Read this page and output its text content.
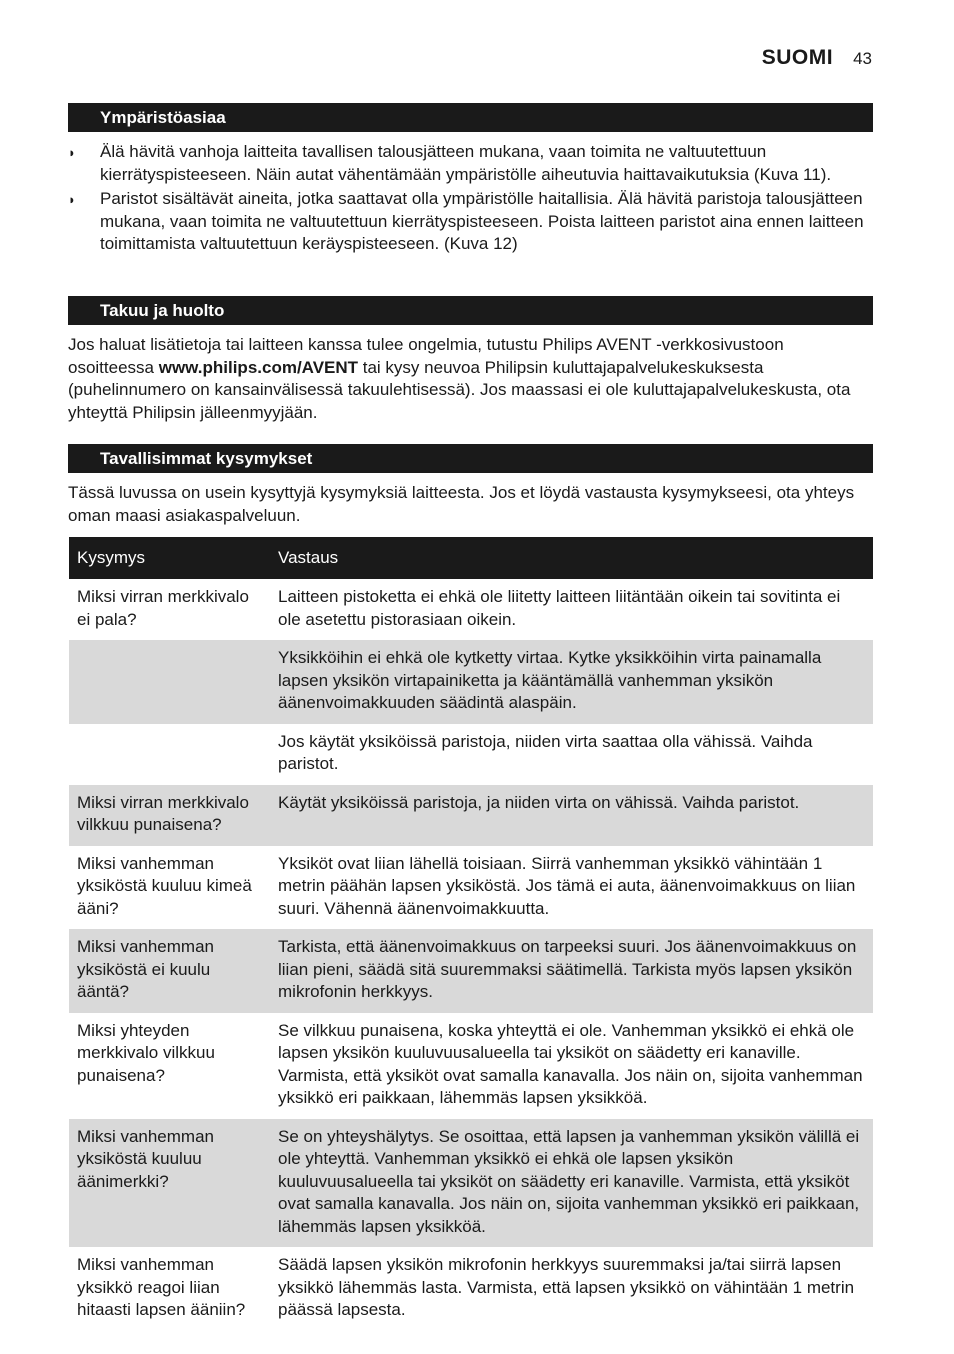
SUOMI 43
Ympäristöasiaa
◗	Älä hävitä vanhoja laitteita tavallisen talousjätteen mukana, vaan toimita ne valtuutettuun kierrätyspisteeseen. Näin autat vähentämään ympäristölle aiheutuvia haittavaikutuksia (Kuva 11).
◗	Paristot sisältävät aineita, jotka saattavat olla ympäristölle haitallisia. Älä hävitä paristoja talousjätteen mukana, vaan toimita ne valtuutettuun kierrätyspisteeseen. Poista laitteen paristot aina ennen laitteen toimittamista valtuutettuun keräyspisteeseen. (Kuva 12)
Takuu ja huolto
Jos haluat lisätietoja tai laitteen kanssa tulee ongelmia, tutustu Philips AVENT -verkkosivustoon osoitteessa www.philips.com/AVENT tai kysy neuvoa Philipsin kuluttajapalvelukeskuksesta (puhelinnumero on kansainvälisessä takuulehtisessä). Jos maassasi ei ole kuluttajapalvelukeskusta, ota yhteyttä Philipsin jälleenmyyjään.
Tavallisimmat kysymykset
Tässä luvussa on usein kysyttyjä kysymyksiä laitteesta. Jos et löydä vastausta kysymykseesi, ota yhteys oman maasi asiakaspalveluun.
Kysymys	Vastaus
Miksi virran merkkivalo ei pala?	Laitteen pistoketta ei ehkä ole liitetty laitteen liitäntään oikein tai sovitinta ei ole asetettu pistorasiaan oikein.
	Yksikköihin ei ehkä ole kytketty virtaa. Kytke yksikköihin virta painamalla lapsen yksikön virtapainiketta ja kääntämällä vanhemman yksikön äänenvoimakkuuden säädintä alaspäin.
	Jos käytät yksiköissä paristoja, niiden virta saattaa olla vähissä. Vaihda paristot.
Miksi virran merkkivalo vilkkuu punaisena?	Käytät yksiköissä paristoja, ja niiden virta on vähissä. Vaihda paristot.
Miksi vanhemman yksiköstä kuuluu kimeä ääni?	Yksiköt ovat liian lähellä toisiaan. Siirrä vanhemman yksikkö vähintään 1 metrin päähän lapsen yksiköstä. Jos tämä ei auta, äänenvoimakkuus on liian suuri. Vähennä äänenvoimakkuutta.
Miksi vanhemman yksiköstä ei kuulu ääntä?	Tarkista, että äänenvoimakkuus on tarpeeksi suuri. Jos äänenvoimakkuus on liian pieni, säädä sitä suuremmaksi säätimellä. Tarkista myös lapsen yksikön mikrofonin herkkyys.
Miksi yhteyden merkkivalo vilkkuu punaisena?	Se vilkkuu punaisena, koska yhteyttä ei ole. Vanhemman yksikkö ei ehkä ole lapsen yksikön kuuluvuusalueella tai yksiköt on säädetty eri kanaville. Varmista, että yksiköt ovat samalla kanavalla. Jos näin on, sijoita vanhemman yksikkö eri paikkaan, lähemmäs lapsen yksikköä.
Miksi vanhemman yksiköstä kuuluu äänimerkki?	Se on yhteyshälytys. Se osoittaa, että lapsen ja vanhemman yksikön välillä ei ole yhteyttä. Vanhemman yksikkö ei ehkä ole lapsen yksikön kuuluvuusalueella tai yksiköt on säädetty eri kanaville. Varmista, että yksiköt ovat samalla kanavalla. Jos näin on, sijoita vanhemman yksikkö eri paikkaan, lähemmäs lapsen yksikköä.
Miksi vanhemman yksikkö reagoi liian hitaasti lapsen ääniin?	Säädä lapsen yksikön mikrofonin herkkyys suuremmaksi ja/tai siirrä lapsen yksikkö lähemmäs lasta. Varmista, että lapsen yksikkö on vähintään 1 metrin päässä lapsesta.
